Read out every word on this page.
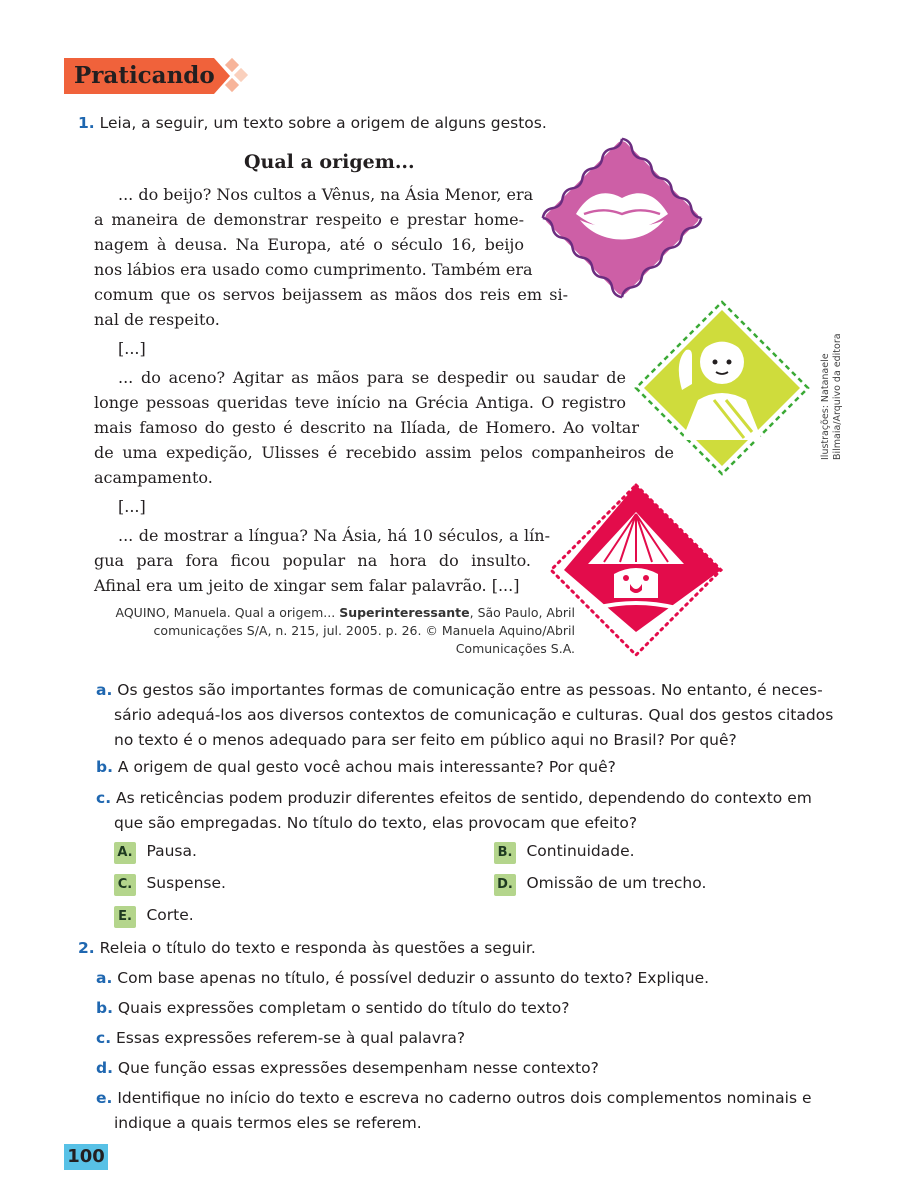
Praticando
1. Leia, a seguir, um texto sobre a origem de alguns gestos.
Qual a origem...
... do beijo? Nos cultos a Vênus, na Ásia Menor, era
a maneira de demonstrar respeito e prestar home-
nagem à deusa. Na Europa, até o século 16, beijo
nos lábios era usado como cumprimento. Também era
comum que os servos beijassem as mãos dos reis em si-
nal de respeito.
[...]
... do aceno? Agitar as mãos para se despedir ou saudar de
longe pessoas queridas teve início na Grécia Antiga. O registro
mais famoso do gesto é descrito na Ilíada, de Homero. Ao voltar
de uma expedição, Ulisses é recebido assim pelos companheiros de
acampamento.
[...]
... de mostrar a língua? Na Ásia, há 10 séculos, a lín-
gua para fora ficou popular na hora do insulto.
Afinal era um jeito de xingar sem falar palavrão. [...]
AQUINO, Manuela. Qual a origem... Superinteressante, São Paulo, Abril
comunicações S/A, n. 215, jul. 2005. p. 26. © Manuela Aquino/Abril
Comunicações S.A.
Ilustrações: Natanaele Bilmaia/Arquivo da editora
a. Os gestos são importantes formas de comunicação entre as pessoas. No entanto, é neces-
sário adequá-los aos diversos contextos de comunicação e culturas. Qual dos gestos citados
no texto é o menos adequado para ser feito em público aqui no Brasil? Por quê?
b. A origem de qual gesto você achou mais interessante? Por quê?
c. As reticências podem produzir diferentes efeitos de sentido, dependendo do contexto em
que são empregadas. No título do texto, elas provocam que efeito?
A. Pausa.	B. Continuidade.
C. Suspense.	D. Omissão de um trecho.
E. Corte.
2. Releia o título do texto e responda às questões a seguir.
a. Com base apenas no título, é possível deduzir o assunto do texto? Explique.
b. Quais expressões completam o sentido do título do texto?
c. Essas expressões referem-se à qual palavra?
d. Que função essas expressões desempenham nesse contexto?
e. Identifique no início do texto e escreva no caderno outros dois complementos nominais e
indique a quais termos eles se referem.
100
